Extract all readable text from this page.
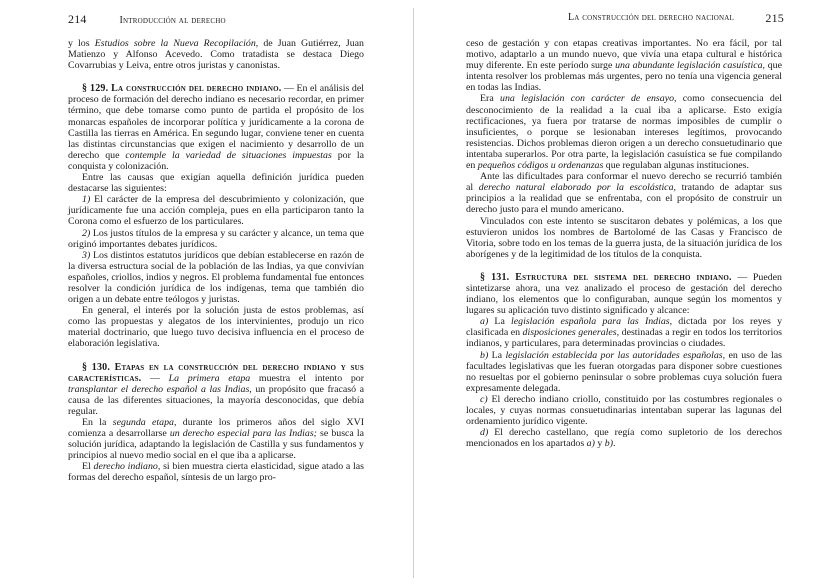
214	Introducción al derecho

y los Estudios sobre la Nueva Recopilación, de Juan Gutiérrez, Juan Matienzo y Alfonso Acevedo. Como tratadista se destaca Diego Covarrubias y Leiva, entre otros juristas y canonistas.

§ 129. La construcción del derecho indiano. — En el análisis del proceso de formación del derecho indiano es necesario recordar, en primer término, que debe tomarse como punto de partida el propósito de los monarcas españoles de incorporar política y jurídicamente a la corona de Castilla las tierras en América. En segundo lugar, conviene tener en cuenta las distintas circunstancias que exigen el nacimiento y desarrollo de un derecho que contemple la variedad de situaciones impuestas por la conquista y colonización.

Entre las causas que exigían aquella definición jurídica pueden destacarse las siguientes:

1) El carácter de la empresa del descubrimiento y colonización, que jurídicamente fue una acción compleja, pues en ella participaron tanto la Corona como el esfuerzo de los particulares.

2) Los justos títulos de la empresa y su carácter y alcance, un tema que originó importantes debates jurídicos.

3) Los distintos estatutos jurídicos que debían establecerse en razón de la diversa estructura social de la población de las Indias, ya que convivían españoles, criollos, indios y negros. El problema fundamental fue entonces resolver la condición jurídica de los indígenas, tema que también dio origen a un debate entre teólogos y juristas.

En general, el interés por la solución justa de estos problemas, así como las propuestas y alegatos de los intervinientes, produjo un rico material doctrinario, que luego tuvo decisiva influencia en el proceso de elaboración legislativa.

§ 130. Etapas en la construcción del derecho indiano y sus características. — La primera etapa muestra el intento por transplantar el derecho español a las Indias, un propósito que fracasó a causa de las diferentes situaciones, la mayoría desconocidas, que debía regular.

En la segunda etapa, durante los primeros años del siglo XVI comienza a desarrollarse un derecho especial para las Indias; se busca la solución jurídica, adaptando la legislación de Castilla y sus fundamentos y principios al nuevo medio social en el que iba a aplicarse.

El derecho indiano, si bien muestra cierta elasticidad, sigue atado a las formas del derecho español, síntesis de un largo pro-

La construcción del derecho nacional	215

ceso de gestación y con etapas creativas importantes. No era fácil, por tal motivo, adaptarlo a un mundo nuevo, que vivía una etapa cultural e histórica muy diferente. En este período surge una abundante legislación casuística, que intenta resolver los problemas más urgentes, pero no tenía una vigencia general en todas las Indias.

Era una legislación con carácter de ensayo, como consecuencia del desconocimiento de la realidad a la cual iba a aplicarse. Esto exigía rectificaciones, ya fuera por tratarse de normas imposibles de cumplir o insuficientes, o porque se lesionaban intereses legítimos, provocando resistencias. Dichos problemas dieron origen a un derecho consuetudinario que intentaba superarlos. Por otra parte, la legislación casuística se fue compilando en pequeños códigos u ordenanzas que regulaban algunas instituciones.

Ante las dificultades para conformar el nuevo derecho se recurrió también al derecho natural elaborado por la escolástica, tratando de adaptar sus principios a la realidad que se enfrentaba, con el propósito de construir un derecho justo para el mundo americano.

Vinculados con este intento se suscitaron debates y polémicas, a los que estuvieron unidos los nombres de Bartolomé de las Casas y Francisco de Vitoria, sobre todo en los temas de la guerra justa, de la situación jurídica de los aborígenes y de la legitimidad de los títulos de la conquista.

§ 131. Estructura del sistema del derecho indiano. — Pueden sintetizarse ahora, una vez analizado el proceso de gestación del derecho indiano, los elementos que lo configuraban, aunque según los momentos y lugares su aplicación tuvo distinto significado y alcance:

a) La legislación española para las Indias, dictada por los reyes y clasificada en disposiciones generales, destinadas a regir en todos los territorios indianos, y particulares, para determinadas provincias o ciudades.

b) La legislación establecida por las autoridades españolas, en uso de las facultades legislativas que les fueran otorgadas para disponer sobre cuestiones no resueltas por el gobierno peninsular o sobre problemas cuya solución fuera expresamente delegada.

c) El derecho indiano criollo, constituido por las costumbres regionales o locales, y cuyas normas consuetudinarias intentaban superar las lagunas del ordenamiento jurídico vigente.

d) El derecho castellano, que regía como supletorio de los derechos mencionados en los apartados a) y b).
